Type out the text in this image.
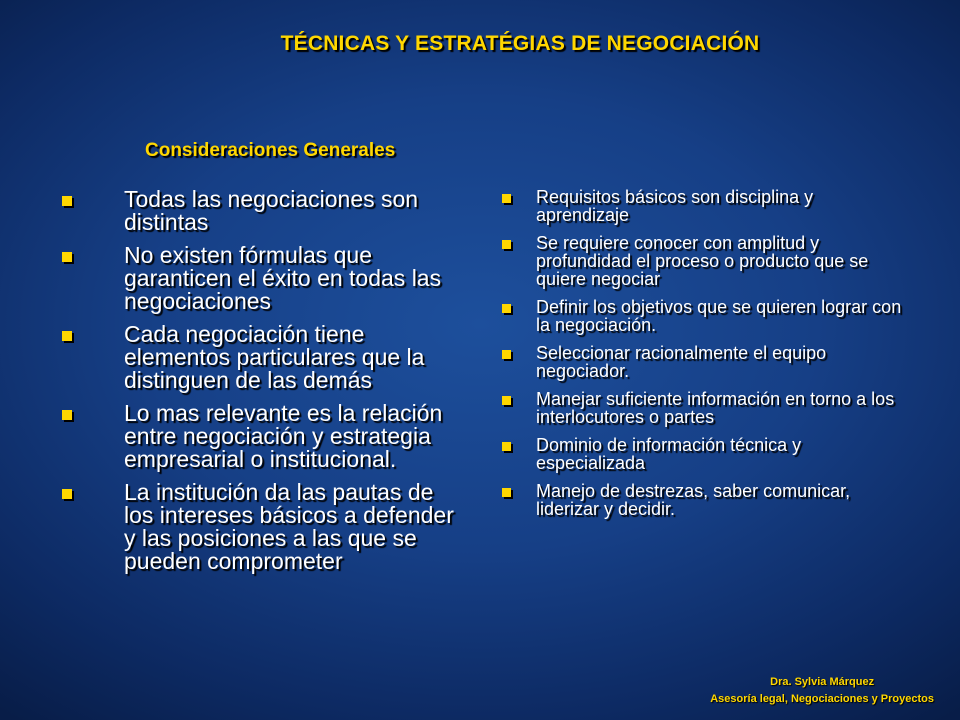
TÉCNICAS Y ESTRATÉGIAS DE NEGOCIACIÓN
Consideraciones Generales
Todas las negociaciones son distintas
No existen fórmulas que garanticen el éxito en todas las negociaciones
Cada negociación tiene elementos particulares que la distinguen de las demás
Lo mas relevante es la relación entre negociación y estrategia empresarial o institucional.
La institución da las pautas de los intereses básicos a defender y las posiciones a las que se pueden comprometer
Requisitos básicos son disciplina y aprendizaje
Se requiere conocer con amplitud y profundidad el proceso o producto que se quiere negociar
Definir los objetivos que se quieren lograr con la negociación.
Seleccionar racionalmente el equipo negociador.
Manejar suficiente información en torno a los interlocutores o partes
Dominio de información técnica y especializada
Manejo de destrezas, saber comunicar, liderizar y decidir.
Dra. Sylvia Márquez
Asesoría legal, Negociaciones y Proyectos
